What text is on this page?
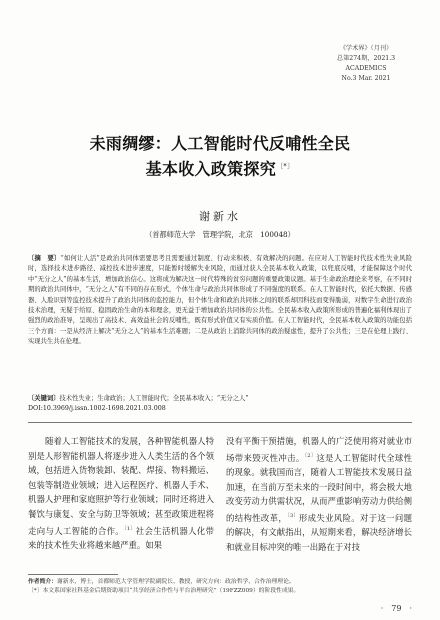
《学术界》（月刊）
总第274期，2021.3
ACADEMICS
No.3 Mar. 2021
未雨绸缪：人工智能时代反哺性全民
基本收入政策探究〔*〕
谢新水
（首都师范大学　管理学院，北京　100048）
〔摘　要〕“如何让人活”是政治共同体需要思考且需要通过制度、行动来积极、有效解决的问题。在应对人工智能时代技术性失业风险时，选择技术进步路径、减控技术进步速度，只能暂时缓解失业风险，而通过获人全民基本收入政策，以兜底反哺，才能保障这个时代中“无分之人”的基本生活，增加政治信心。这将成为解决这一时代特殊的贫穷问题的重要政策议题。基于生命政治理论来考察，在不同时期的政治共同体中，“无分之人”有不同的存在形式，个体生命与政治共同体形成了不同强度的联系。在人工智能时代，依托大数据、传感器、人脸识别等监控技术提升了政治共同体的监控能力，但个体生命和政治共同体之间的联系却因科技而变得脆弱，对数字生命进行政治技术治理，无疑于给原、稳固政治生命的本和理念，更无益于增加政治共同体的公共性。全民基本收入政策所形成的普遍化福利体现出了强烈的政治准导，呈现出了高技术、高效益社会的反哺性，既有形式价值又有实质价值。在人工智能时代，全民基本收入政策的功能包括三个方面：一是从经济上解决“无分之人”的基本生活难题；二是从政治上消除共同体的政治疑虑性，提升了公共性；三是在伦理上践行、实现共生共在伦理。
〔关键词〕技术性失业；生命政治；人工智能时代；全民基本收入；“无分之人”
DOI:10.3969/j.issn.1002-1698.2021.03.008
随着人工智能技术的发展，各种智能机器人特别是人形智能机器人将逐步进入人类生活的各个领域，包括进入货物装卸、装配、焊接、物料搬运、包装等制造业领域；进入运程医疗、机器人手术、机器人护理和家庭照护等行业领域；同时还将进入餐饮与康复、安全与防卫等领域；甚至政策进程将走向与人工智能的合作。$^{〔1〕}$社会生活机器人化带来的技术性失业将越来越严重。如果
没有平衡干预措施，机器人的广泛使用将对就业市场带来毁灭性冲击。$^{〔2〕}$这是人工智能时代全球性的现象。就我国而言，随着人工智能技术发展日益加速，在当前万至未来的一段时间中，将会极大地改变劳动力供需状况，从而严重影响劳动力供给侧的结构性改革，$^{〔3〕}$形成失业风险。对于这一问题的解决，有文献指出，从短期来看，解决经济增长和就业目标冲突的唯一出路在于对技
作者简介：谢新水，博士，首都师范大学管理学院副院长、教授，研究方向：政治哲学、合作治理理论。
〔*〕本文系国家社科基金后期资助项目“共享经济合作性与平台治理研究”（19FZZ009）的阶段性成果。
·　79　·
